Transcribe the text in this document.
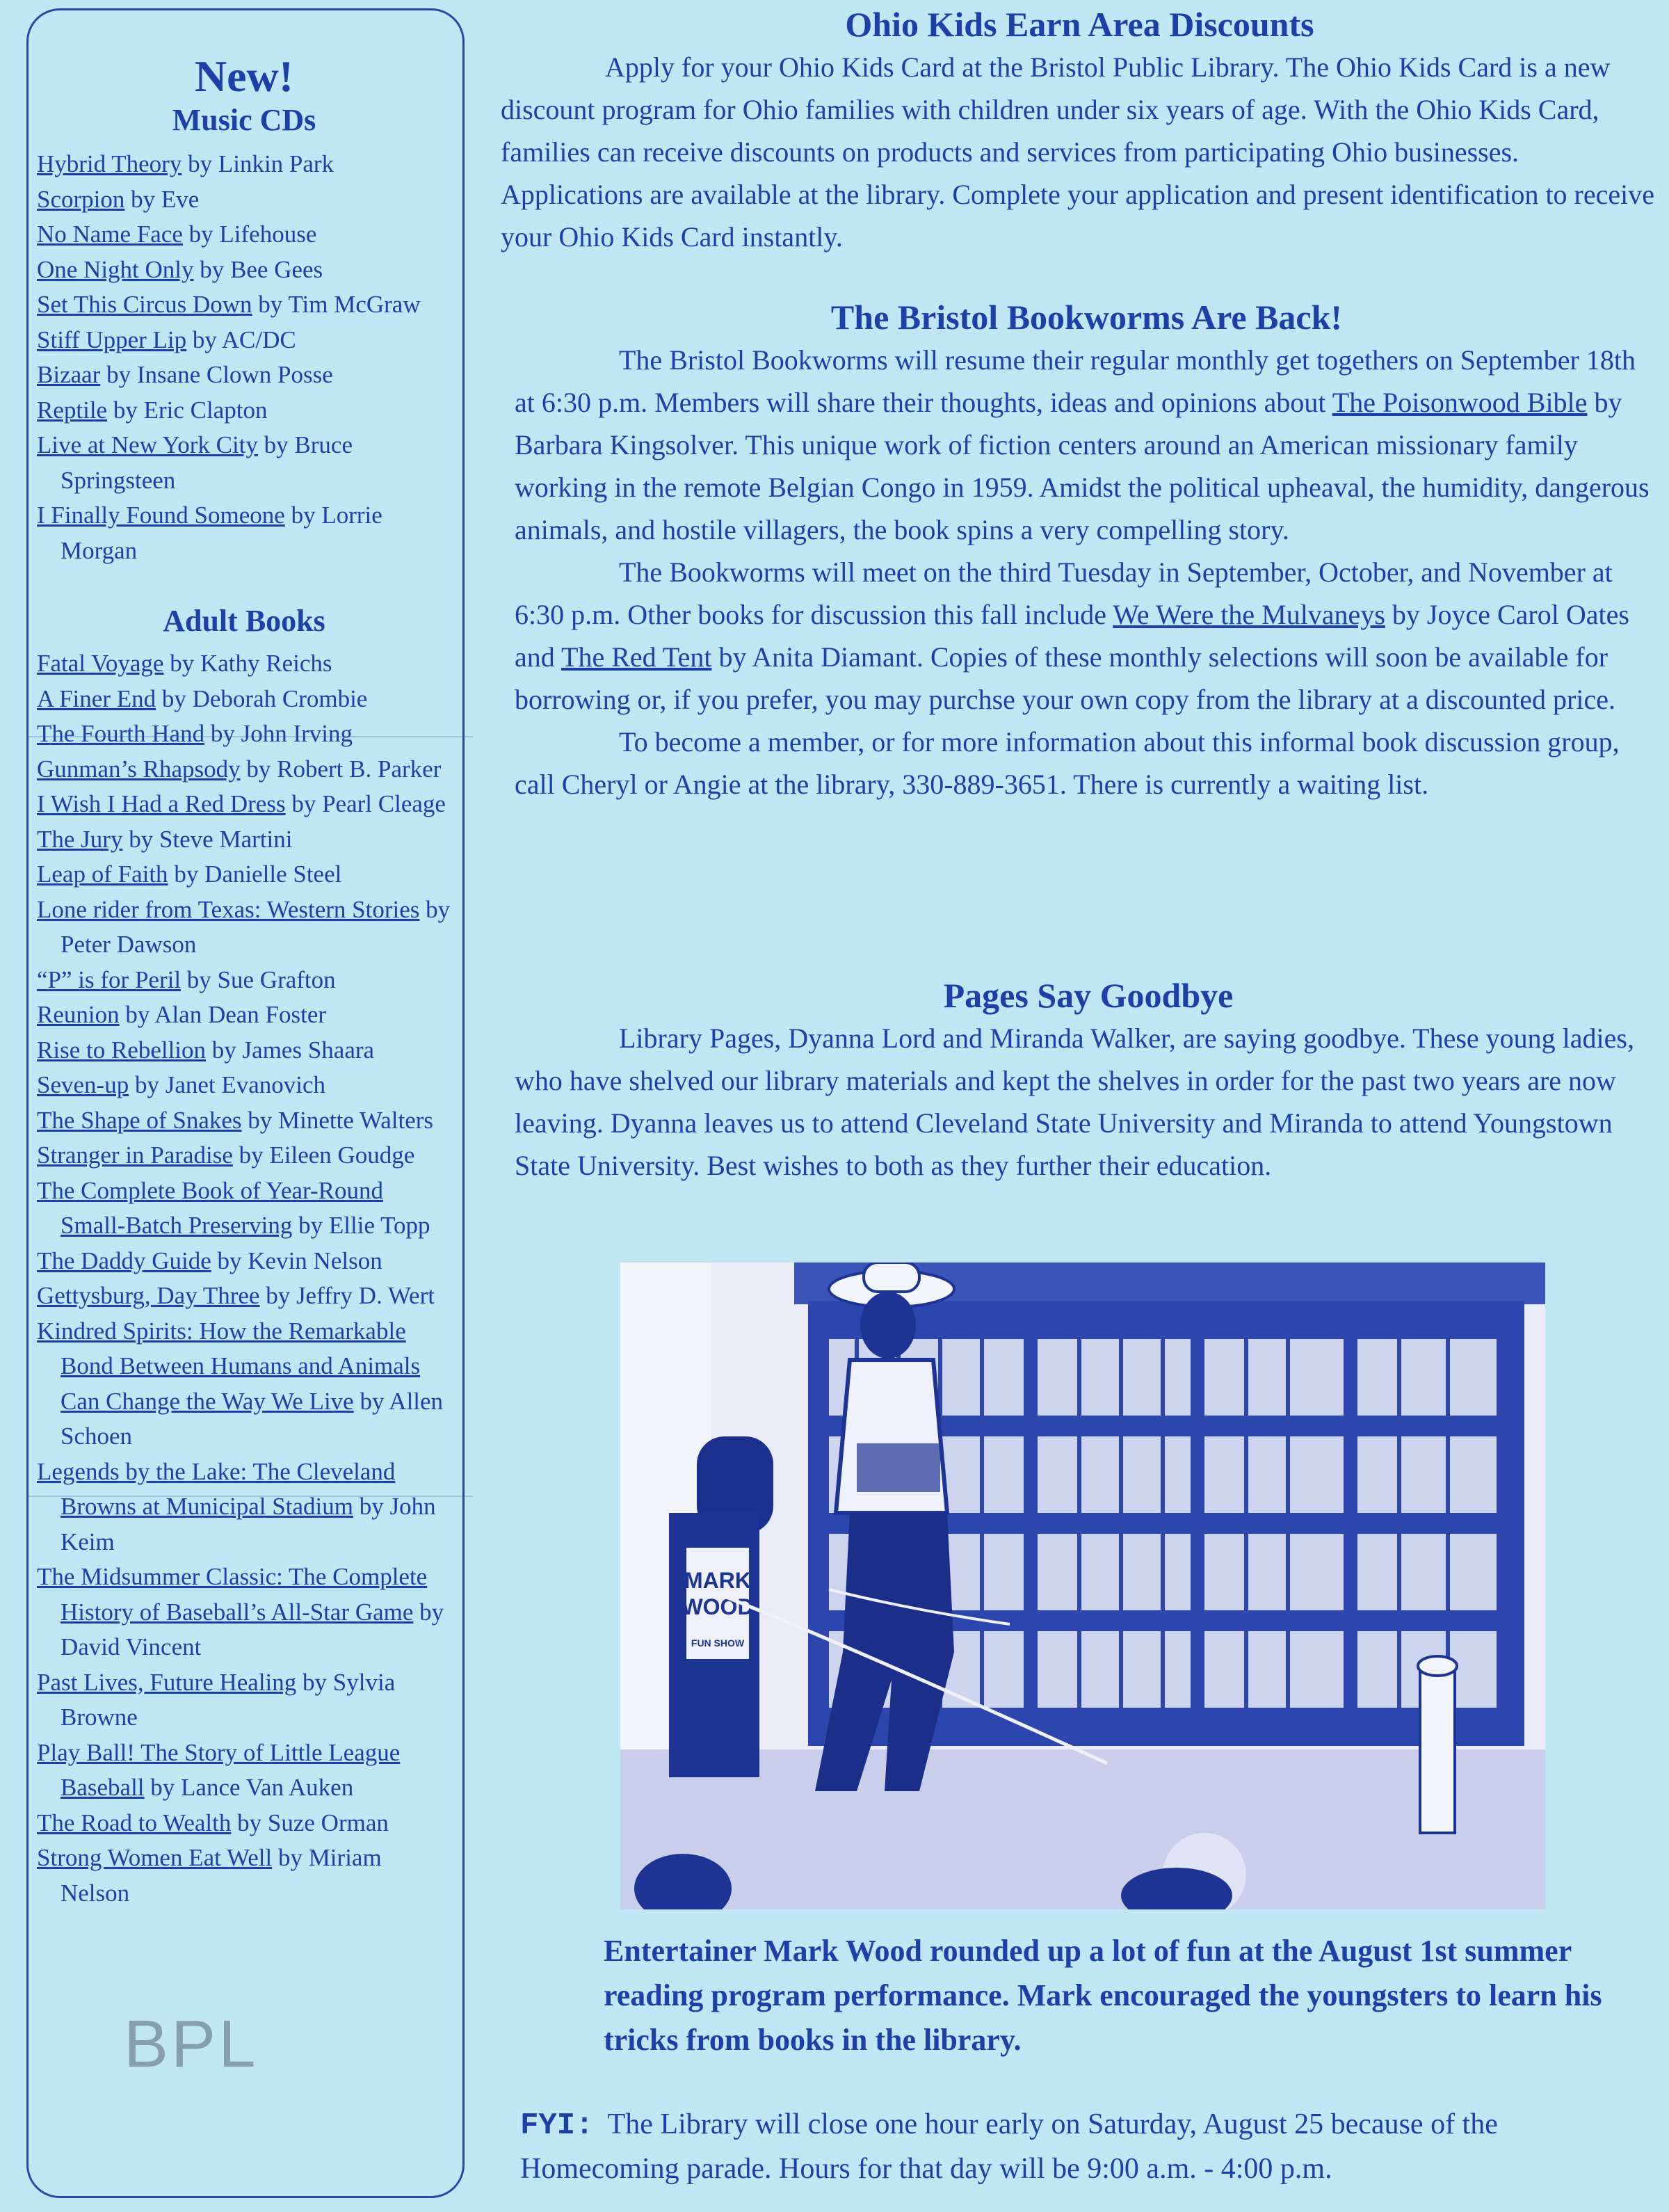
New!
Music CDs
Hybrid Theory by Linkin Park
Scorpion by Eve
No Name Face by Lifehouse
One Night Only by Bee Gees
Set This Circus Down by Tim McGraw
Stiff Upper Lip by AC/DC
Bizaar by Insane Clown Posse
Reptile by Eric Clapton
Live at New York City by Bruce Springsteen
I Finally Found Someone by Lorrie Morgan
Adult Books
Fatal Voyage by Kathy Reichs
A Finer End by Deborah Crombie
The Fourth Hand by John Irving
Gunman’s Rhapsody by Robert B. Parker
I Wish I Had a Red Dress by Pearl Cleage
The Jury by Steve Martini
Leap of Faith by Danielle Steel
Lone rider from Texas: Western Stories by Peter Dawson
“P” is for Peril by Sue Grafton
Reunion by Alan Dean Foster
Rise to Rebellion by James Shaara
Seven-up by Janet Evanovich
The Shape of Snakes by Minette Walters
Stranger in Paradise by Eileen Goudge
The Complete Book of Year-Round Small-Batch Preserving by Ellie Topp
The Daddy Guide by Kevin Nelson
Gettysburg, Day Three by Jeffry D. Wert
Kindred Spirits: How the Remarkable Bond Between Humans and Animals Can Change the Way We Live by Allen Schoen
Legends by the Lake: The Cleveland Browns at Municipal Stadium by John Keim
The Midsummer Classic: The Complete History of Baseball’s All-Star Game by David Vincent
Past Lives, Future Healing by Sylvia Browne
Play Ball! The Story of Little League Baseball by Lance Van Auken
The Road to Wealth by Suze Orman
Strong Women Eat Well by Miriam Nelson
Ohio Kids Earn Area Discounts

Apply for your Ohio Kids Card at the Bristol Public Library. The Ohio Kids Card is a new discount program for Ohio families with children under six years of age. With the Ohio Kids Card, families can receive discounts on products and services from participating Ohio businesses. Applications are available at the library. Complete your application and present identification to receive your Ohio Kids Card instantly.

The Bristol Bookworms Are Back!

The Bristol Bookworms will resume their regular monthly get togethers on September 18th at 6:30 p.m. Members will share their thoughts, ideas and opinions about The Poisonwood Bible by Barbara Kingsolver. This unique work of fiction centers around an American missionary family working in the remote Belgian Congo in 1959. Amidst the political upheaval, the humidity, dangerous animals, and hostile villagers, the book spins a very compelling story.

The Bookworms will meet on the third Tuesday in September, October, and November at 6:30 p.m. Other books for discussion this fall include We Were the Mulvaneys by Joyce Carol Oates and The Red Tent by Anita Diamant. Copies of these monthly selections will soon be available for borrowing or, if you prefer, you may purchse your own copy from the library at a discounted price.

To become a member, or for more information about this informal book discussion group, call Cheryl or Angie at the library, 330-889-3651. There is currently a waiting list.

Pages Say Goodbye

Library Pages, Dyanna Lord and Miranda Walker, are saying goodbye. These young ladies, who have shelved our library materials and kept the shelves in order for the past two years are now leaving. Dyanna leaves us to attend Cleveland State University and Miranda to attend Youngstown State University. Best wishes to both as they further their education.

MARK
WOOD
FUN SHOW
Entertainer Mark Wood rounded up a lot of fun at the August 1st summer reading program performance. Mark encouraged the youngsters to learn his tricks from books in the library.
FYI: The Library will close one hour early on Saturday, August 25 because of the Homecoming parade. Hours for that day will be 9:00 a.m. - 4:00 p.m.
BPL
